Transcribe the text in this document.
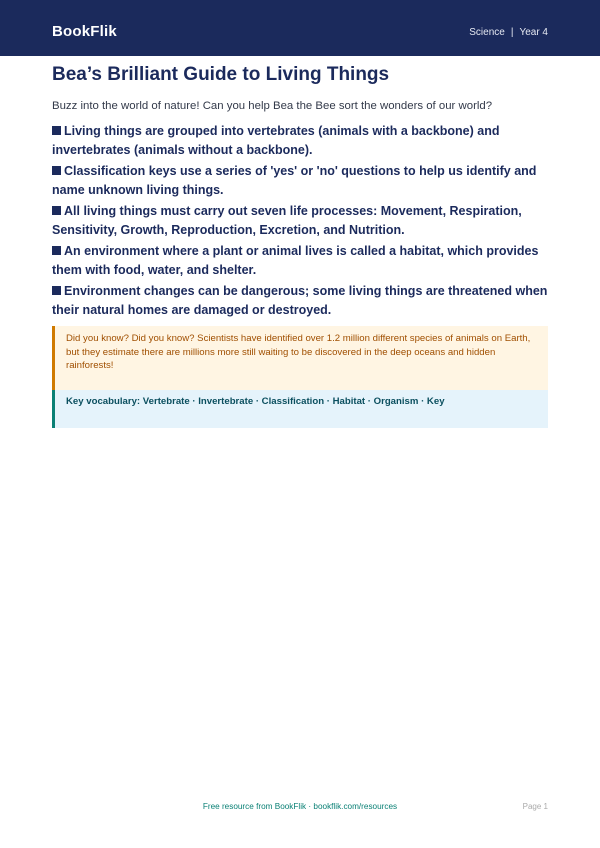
BookFlik	Science | Year 4
Bea’s Brilliant Guide to Living Things

Buzz into the world of nature! Can you help Bea the Bee sort the wonders of our world?

Living things are grouped into vertebrates (animals with a backbone) and invertebrates (animals without a backbone).
Classification keys use a series of 'yes' or 'no' questions to help us identify and name unknown living things.
All living things must carry out seven life processes: Movement, Respiration, Sensitivity, Growth, Reproduction, Excretion, and Nutrition.
An environment where a plant or animal lives is called a habitat, which provides them with food, water, and shelter.
Environment changes can be dangerous; some living things are threatened when their natural homes are damaged or destroyed.
Did you know? Did you know? Scientists have identified over 1.2 million different species of animals on Earth, but they estimate there are millions more still waiting to be discovered in the deep oceans and hidden rainforests!
Key vocabulary: Vertebrate · Invertebrate · Classification · Habitat · Organism · Key
Free resource from BookFlik · bookflik.com/resources	Page 1
